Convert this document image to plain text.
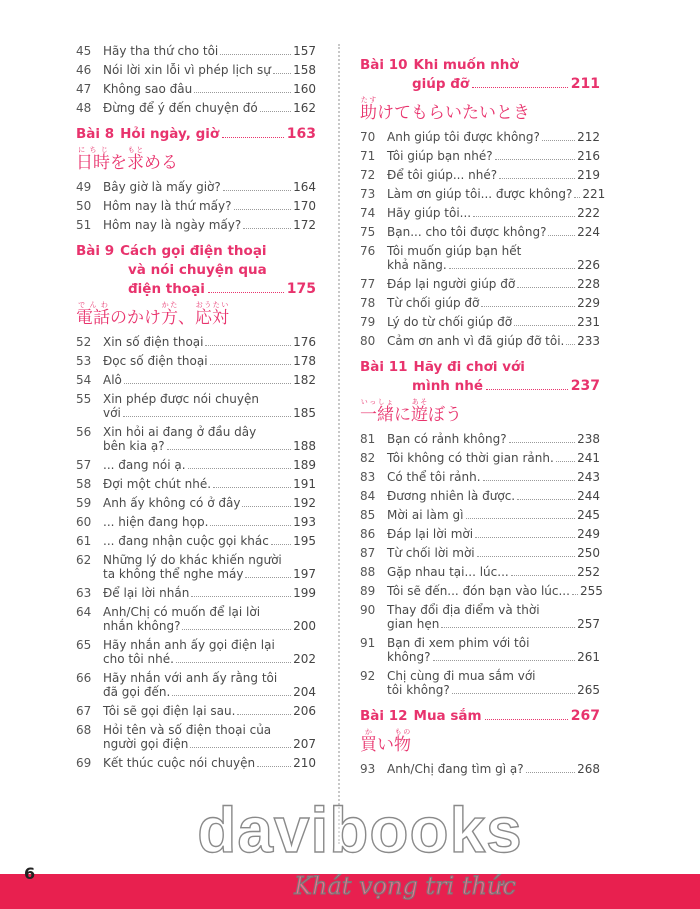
45 Hãy tha thứ cho tôi	157
46 Nói lời xin lỗi vì phép lịch sự 158
47 Không sao đâu	160
48 Đừng để ý đến chuyện đó	162
Bài 8 Hỏi ngày, giờ	163
日時にちじを求もとめる
49 Bây giờ là mấy giờ?	164
50 Hôm nay là thứ mấy?	170
51 Hôm nay là ngày mấy?	172
Bài 9 Cách gọi điện thoại
và nói chuyện qua
điện thoại	175
電話でんわのかけ方かた、応対おうたい
52 Xin số điện thoại	176
53 Đọc số điện thoại	178
54 Alô	182
55 Xin phép được nói chuyện
với	185
56 Xin hỏi ai đang ở đầu dây
bên kia ạ?	188
57 ... đang nói ạ.	189
58 Đợi một chút nhé.	191
59 Anh ấy không có ở đây	192
60 ... hiện đang họp.	193
61 ... đang nhận cuộc gọi khác 195
62 Những lý do khác khiến người
ta không thể nghe máy	197
63 Để lại lời nhắn	199
64 Anh/Chị có muốn để lại lời
nhắn không?	200
65 Hãy nhắn anh ấy gọi điện lại
cho tôi nhé.	202
66 Hãy nhắn với anh ấy rằng tôi
đã gọi đến.	204
67 Tôi sẽ gọi điện lại sau.	206
68 Hỏi tên và số điện thoại của
người gọi điện	207
69 Kết thúc cuộc nói chuyện	210
Bài 10 Khi muốn nhờ
giúp đỡ	211
助たすけてもらいたいとき
70 Anh giúp tôi được không?	212
71 Tôi giúp bạn nhé?	216
72 Để tôi giúp... nhé?	219
73 Làm ơn giúp tôi... được không? 221
74 Hãy giúp tôi...	222
75 Bạn... cho tôi được không?	224
76 Tôi muốn giúp bạn hết
khả năng.	226
77 Đáp lại người giúp đỡ	228
78 Từ chối giúp đỡ	229
79 Lý do từ chối giúp đỡ	231
80 Cảm ơn anh vì đã giúp đỡ tôi. 233
Bài 11 Hãy đi chơi với
mình nhé	237
一緒いっしょに遊あそぼう
81 Bạn có rảnh không?	238
82 Tôi không có thời gian rảnh. 241
83 Có thể tôi rảnh.	243
84 Đương nhiên là được.	244
85 Mời ai làm gì	245
86 Đáp lại lời mời	249
87 Từ chối lời mời	250
88 Gặp nhau tại... lúc...	252
89 Tôi sẽ đến... đón bạn vào lúc... 255
90 Thay đổi địa điểm và thời
gian hẹn	257
91 Bạn đi xem phim với tôi
không?	261
92 Chị cùng đi mua sắm với
tôi không?	265
Bài 12 Mua sắm	267
買かい物もの
93 Anh/Chị đang tìm gì ạ?	268
6
davibooks
Khát vọng tri thức
